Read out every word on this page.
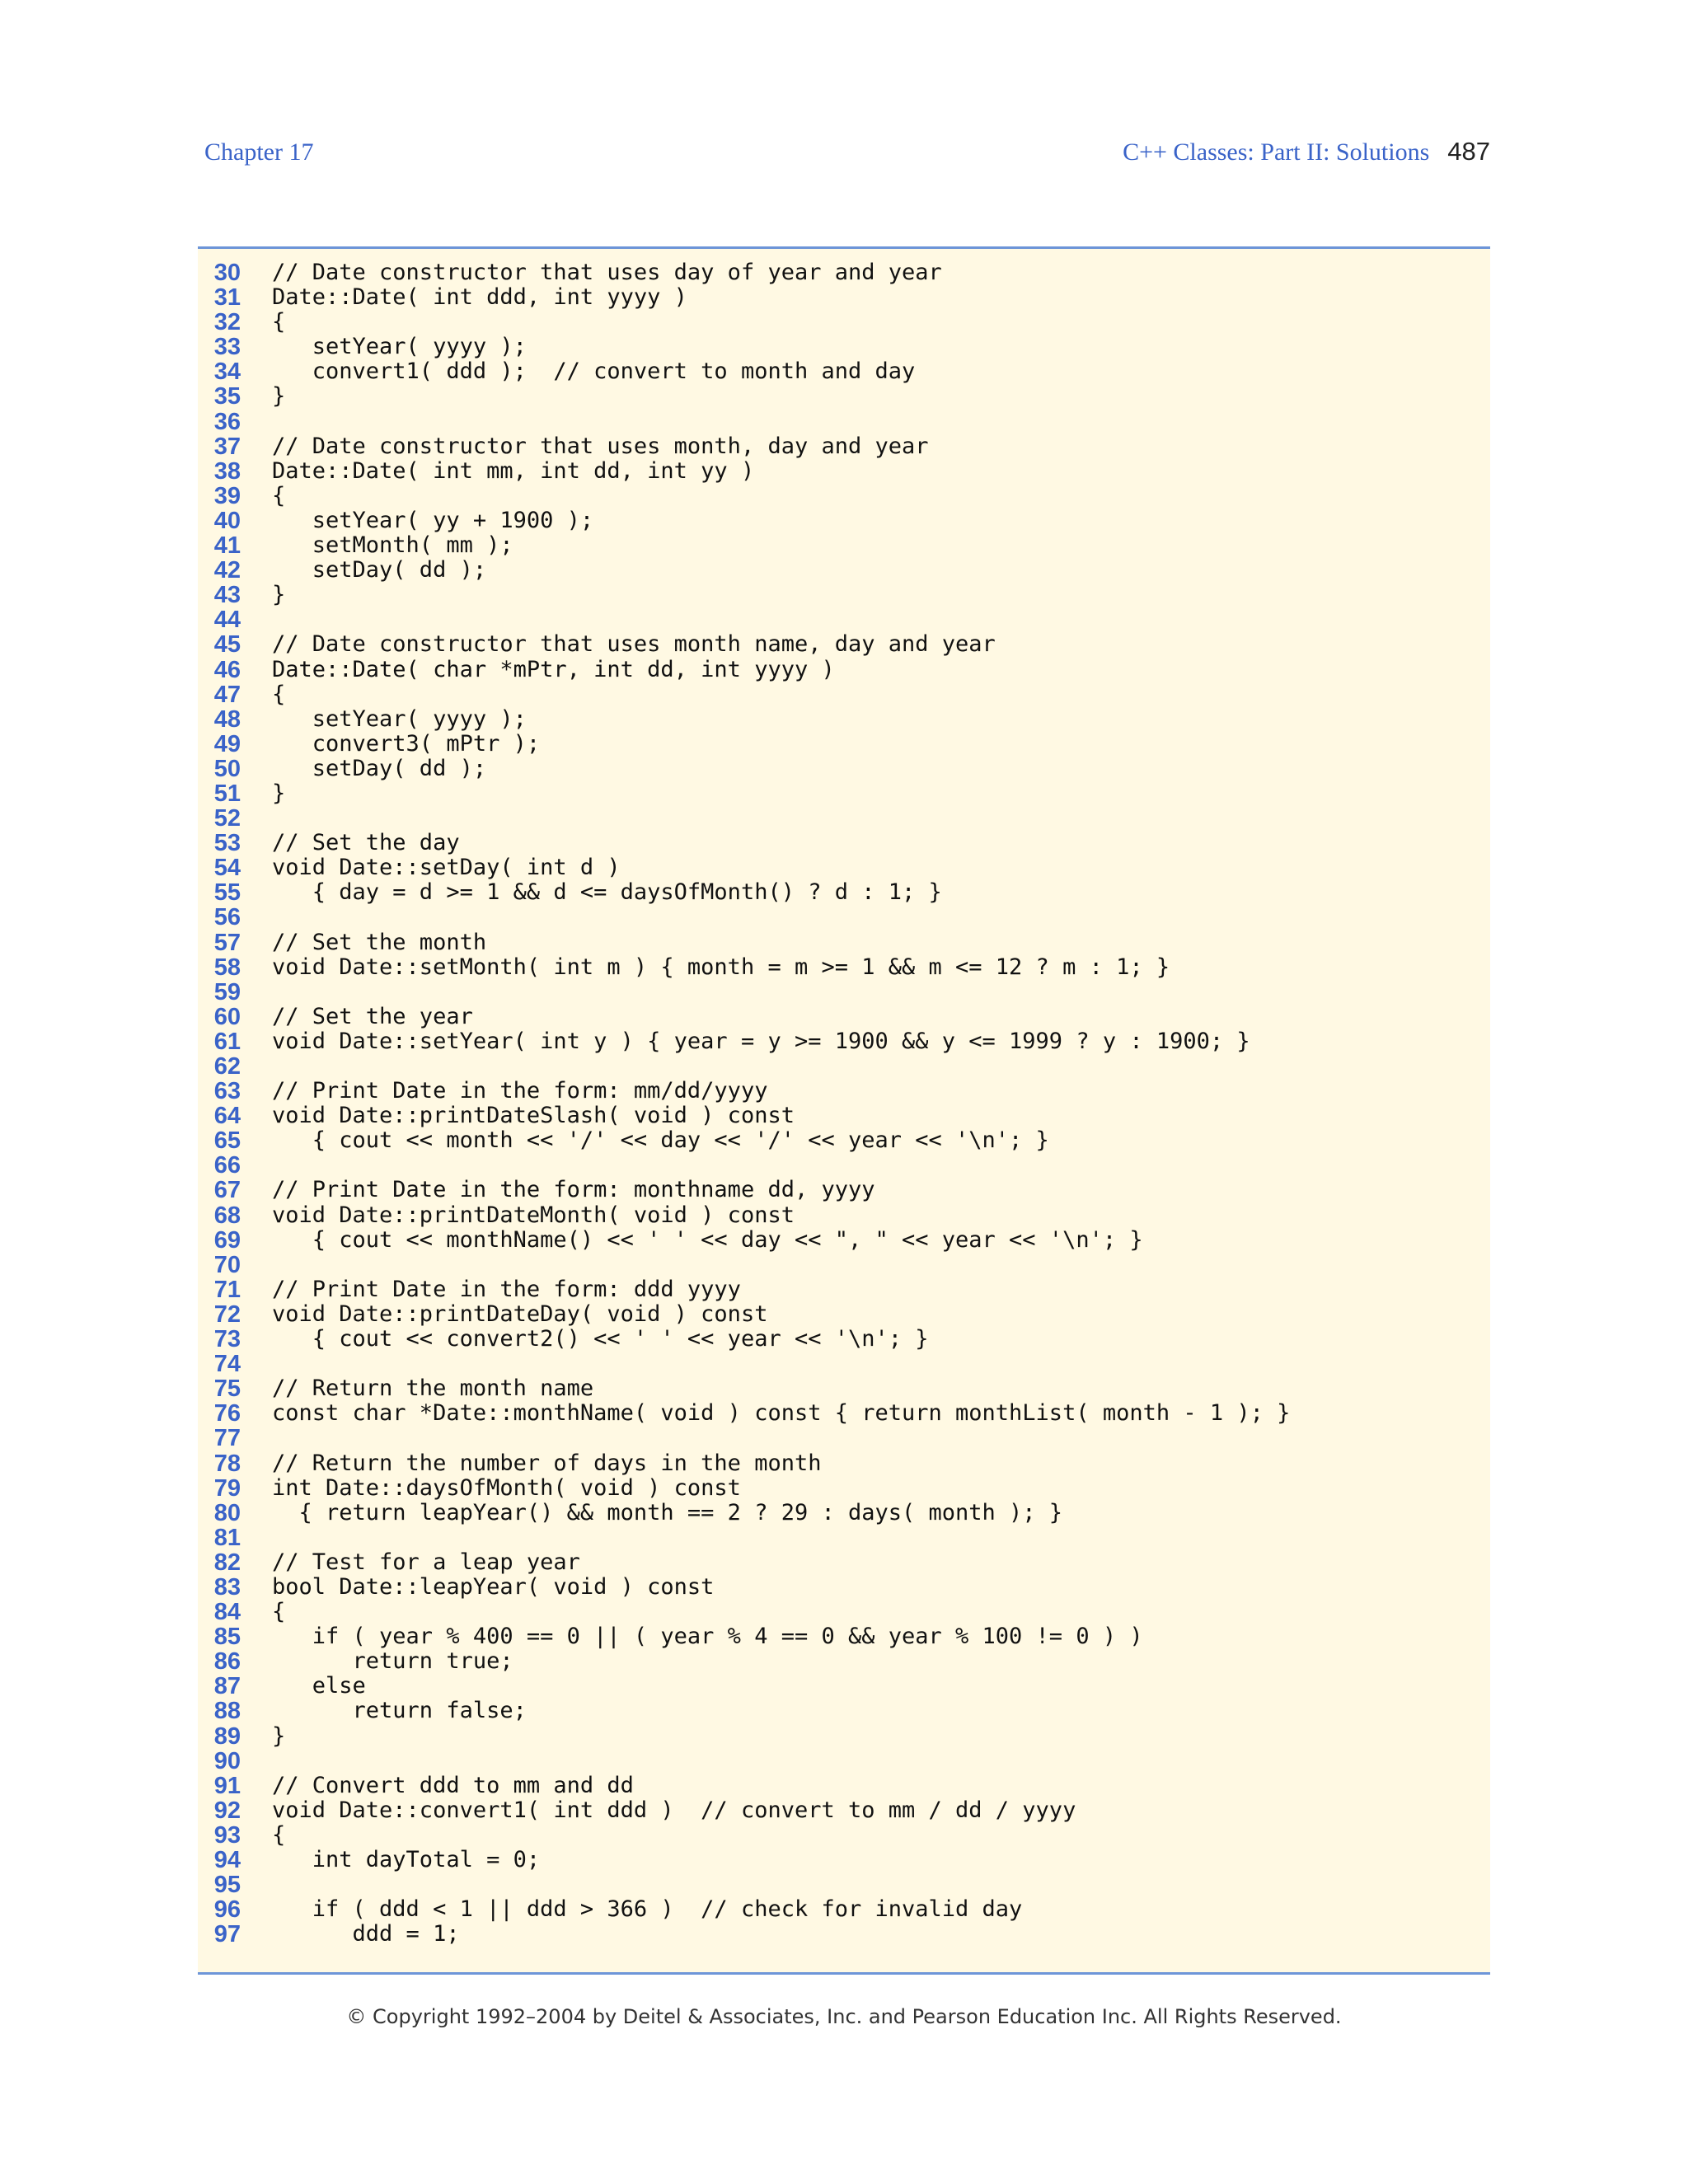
Chapter 17	C++ Classes: Part II: Solutions 487
30 // Date constructor that uses day of year and year
31 Date::Date( int ddd, int yyyy )
32 {
33 setYear( yyyy );
34 convert1( ddd );  // convert to month and day
35 }
36
37 // Date constructor that uses month, day and year
38 Date::Date( int mm, int dd, int yy )
39 {
40 setYear( yy + 1900 );
41 setMonth( mm );
42 setDay( dd );
43 }
44
45 // Date constructor that uses month name, day and year
46 Date::Date( char *mPtr, int dd, int yyyy )
47 {
48 setYear( yyyy );
49 convert3( mPtr );
50 setDay( dd );
51 }
52
53 // Set the day
54 void Date::setDay( int d )
55 { day = d >= 1 && d <= daysOfMonth() ? d : 1; }
56
57 // Set the month
58 void Date::setMonth( int m ) { month = m >= 1 && m <= 12 ? m : 1; }
59
60 // Set the year
61 void Date::setYear( int y ) { year = y >= 1900 && y <= 1999 ? y : 1900; }
62
63 // Print Date in the form: mm/dd/yyyy
64 void Date::printDateSlash( void ) const
65 { cout << month << '/' << day << '/' << year << '\n'; }
66
67 // Print Date in the form: monthname dd, yyyy
68 void Date::printDateMonth( void ) const
69 { cout << monthName() << ' ' << day << ", " << year << '\n'; }
70
71 // Print Date in the form: ddd yyyy
72 void Date::printDateDay( void ) const
73 { cout << convert2() << ' ' << year << '\n'; }
74
75 // Return the month name
76 const char *Date::monthName( void ) const { return monthList( month - 1 ); }
77
78 // Return the number of days in the month
79 int Date::daysOfMonth( void ) const
80 { return leapYear() && month == 2 ? 29 : days( month ); }
81
82 // Test for a leap year
83 bool Date::leapYear( void ) const
84 {
85 if ( year % 400 == 0 || ( year % 4 == 0 && year % 100 != 0 ) )
86 return true;
87 else
88 return false;
89 }
90
91 // Convert ddd to mm and dd
92 void Date::convert1( int ddd )  // convert to mm / dd / yyyy
93 {
94 int dayTotal = 0;
95
96 if ( ddd < 1 || ddd > 366 )  // check for invalid day
97 ddd = 1;
© Copyright 1992–2004 by Deitel & Associates, Inc. and Pearson Education Inc. All Rights Reserved.
